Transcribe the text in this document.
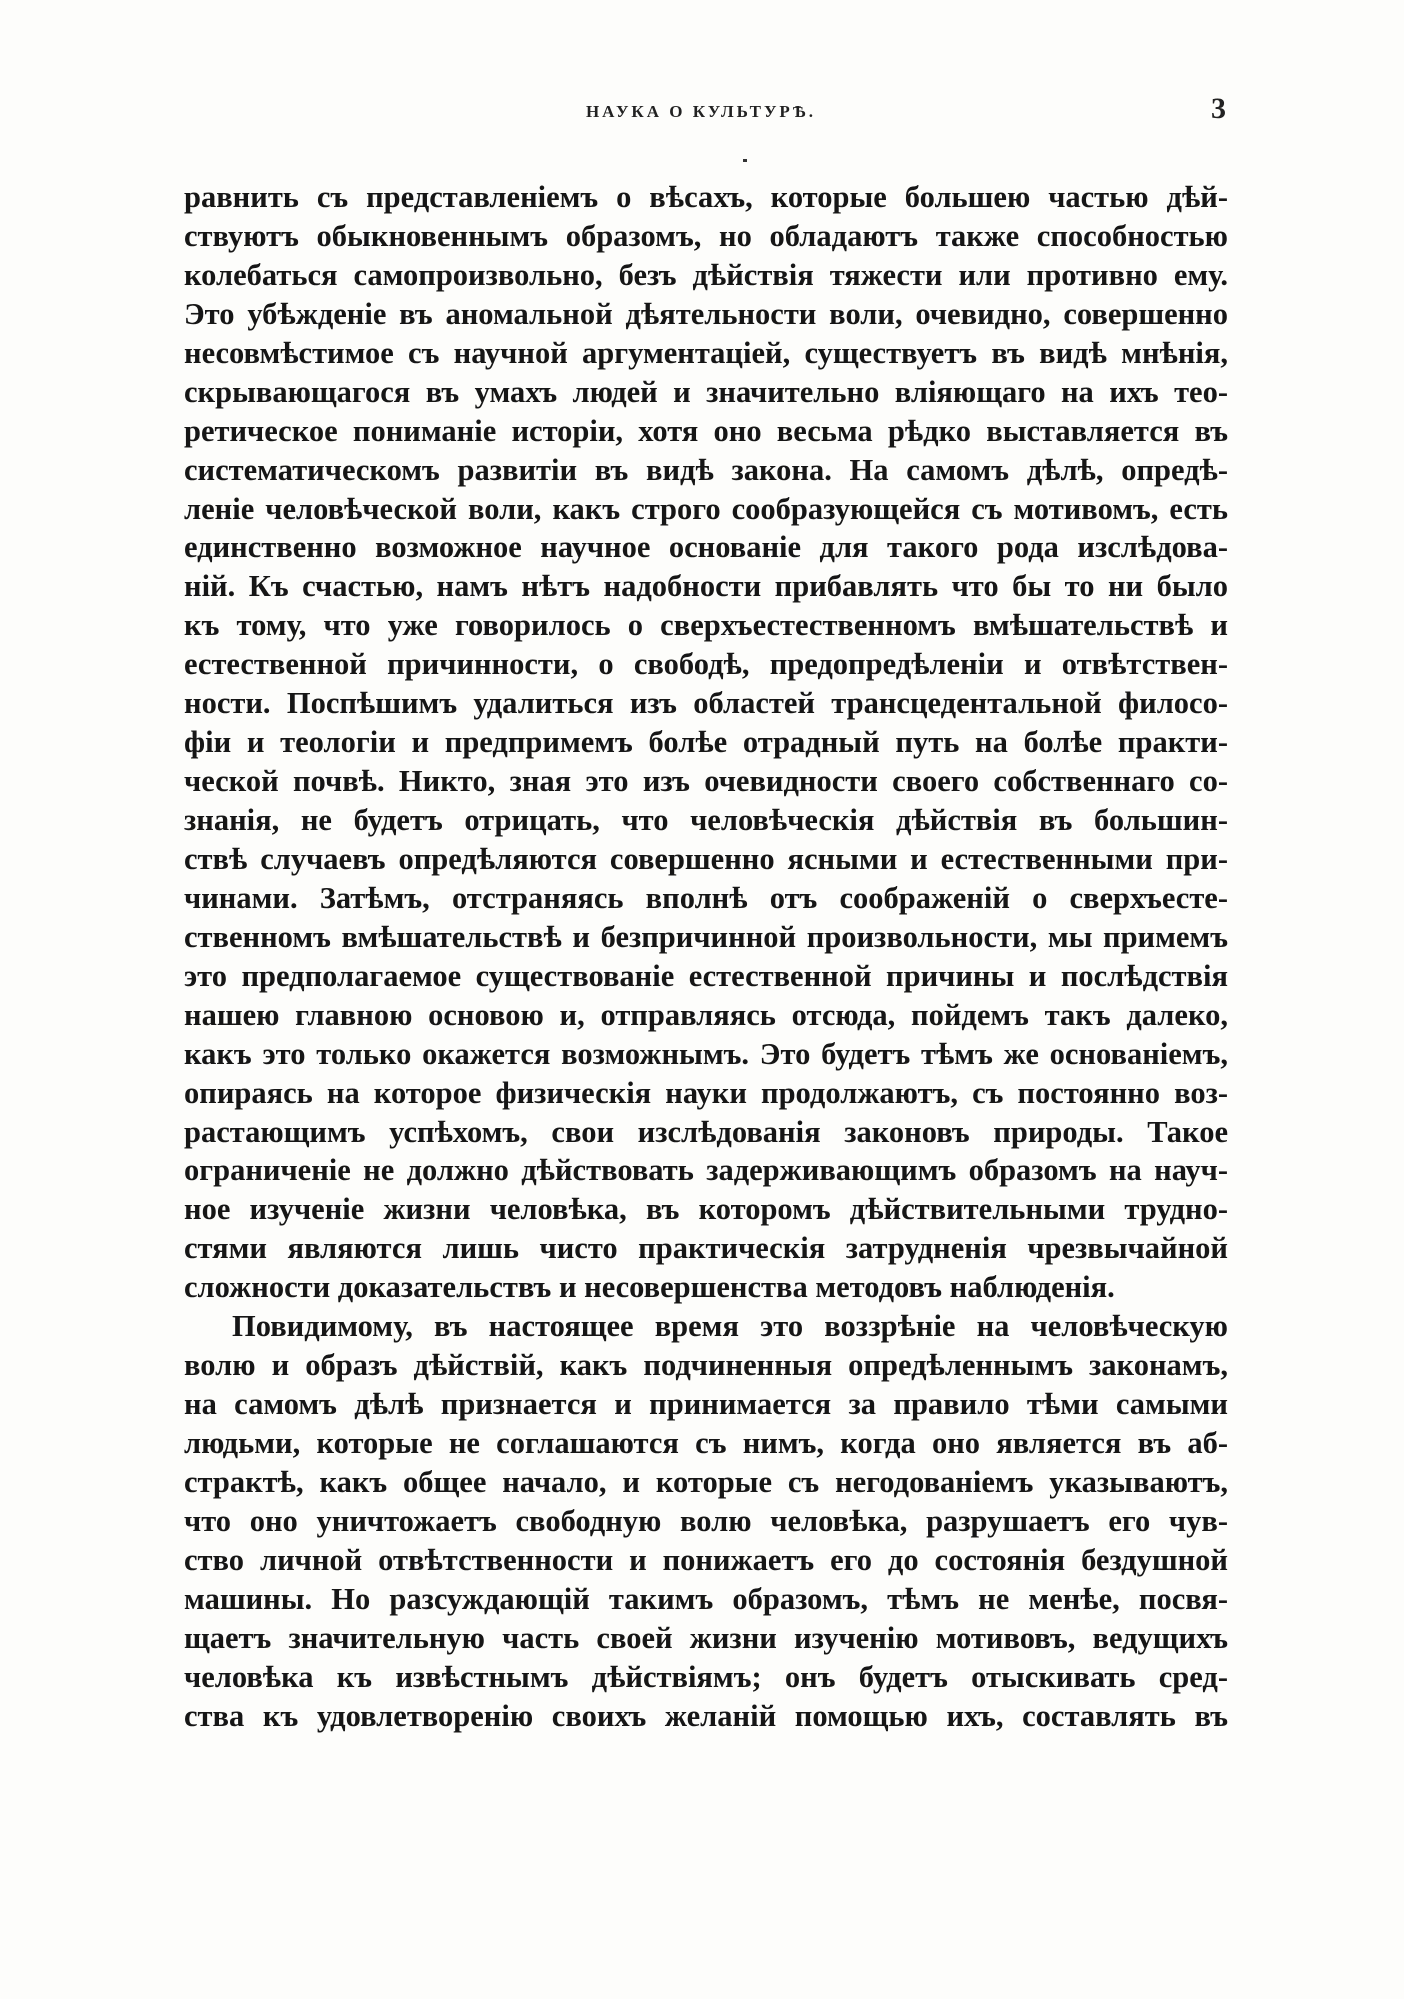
НАУКА О КУЛЬТУРѢ.	3
равнить съ представленіемъ о вѣсахъ, которые большею частью дѣй-
ствуютъ обыкновеннымъ образомъ, но обладаютъ также способностью
колебаться самопроизвольно, безъ дѣйствія тяжести или противно ему.
Это убѣжденіе въ аномальной дѣятельности воли, очевидно, совершенно
несовмѣстимое съ научной аргументаціей, существуетъ въ видѣ мнѣнія,
скрывающагося въ умахъ людей и значительно вліяющаго на ихъ тео-
ретическое пониманіе исторіи, хотя оно весьма рѣдко выставляется въ
систематическомъ развитіи въ видѣ закона. На самомъ дѣлѣ, опредѣ-
леніе человѣческой воли, какъ строго сообразующейся съ мотивомъ, есть
единственно возможное научное основаніе для такого рода изслѣдова-
ній. Къ счастью, намъ нѣтъ надобности прибавлять что бы то ни было
къ тому, что уже говорилось о сверхъестественномъ вмѣшательствѣ и
естественной причинности, о свободѣ, предопредѣленіи и отвѣтствен-
ности. Поспѣшимъ удалиться изъ областей трансцедентальной филосо-
фіи и теологіи и предпримемъ болѣе отрадный путь на болѣе практи-
ческой почвѣ. Никто, зная это изъ очевидности своего собственнаго со-
знанія, не будетъ отрицать, что человѣческія дѣйствія въ большин-
ствѣ случаевъ опредѣляются совершенно ясными и естественными при-
чинами. Затѣмъ, отстраняясь вполнѣ отъ соображеній о сверхъесте-
ственномъ вмѣшательствѣ и безпричинной произвольности, мы примемъ
это предполагаемое существованіе естественной причины и послѣдствія
нашею главною основою и, отправляясь отсюда, пойдемъ такъ далеко,
какъ это только окажется возможнымъ. Это будетъ тѣмъ же основаніемъ,
опираясь на которое физическія науки продолжаютъ, съ постоянно воз-
растающимъ успѣхомъ, свои изслѣдованія законовъ природы. Такое
ограниченіе не должно дѣйствовать задерживающимъ образомъ на науч-
ное изученіе жизни человѣка, въ которомъ дѣйствительными трудно-
стями являются лишь чисто практическія затрудненія чрезвычайной
сложности доказательствъ и несовершенства методовъ наблюденія.
Повидимому, въ настоящее время это воззрѣніе на человѣческую
волю и образъ дѣйствій, какъ подчиненныя опредѣленнымъ законамъ,
на самомъ дѣлѣ признается и принимается за правило тѣми самыми
людьми, которые не соглашаются съ нимъ, когда оно является въ аб-
страктѣ, какъ общее начало, и которые съ негодованіемъ указываютъ,
что оно уничтожаетъ свободную волю человѣка, разрушаетъ его чув-
ство личной отвѣтственности и понижаетъ его до состоянія бездушной
машины. Но разсуждающій такимъ образомъ, тѣмъ не менѣе, посвя-
щаетъ значительную часть своей жизни изученію мотивовъ, ведущихъ
человѣка къ извѣстнымъ дѣйствіямъ; онъ будетъ отыскивать сред-
ства къ удовлетворенію своихъ желаній помощью ихъ, составлять въ
